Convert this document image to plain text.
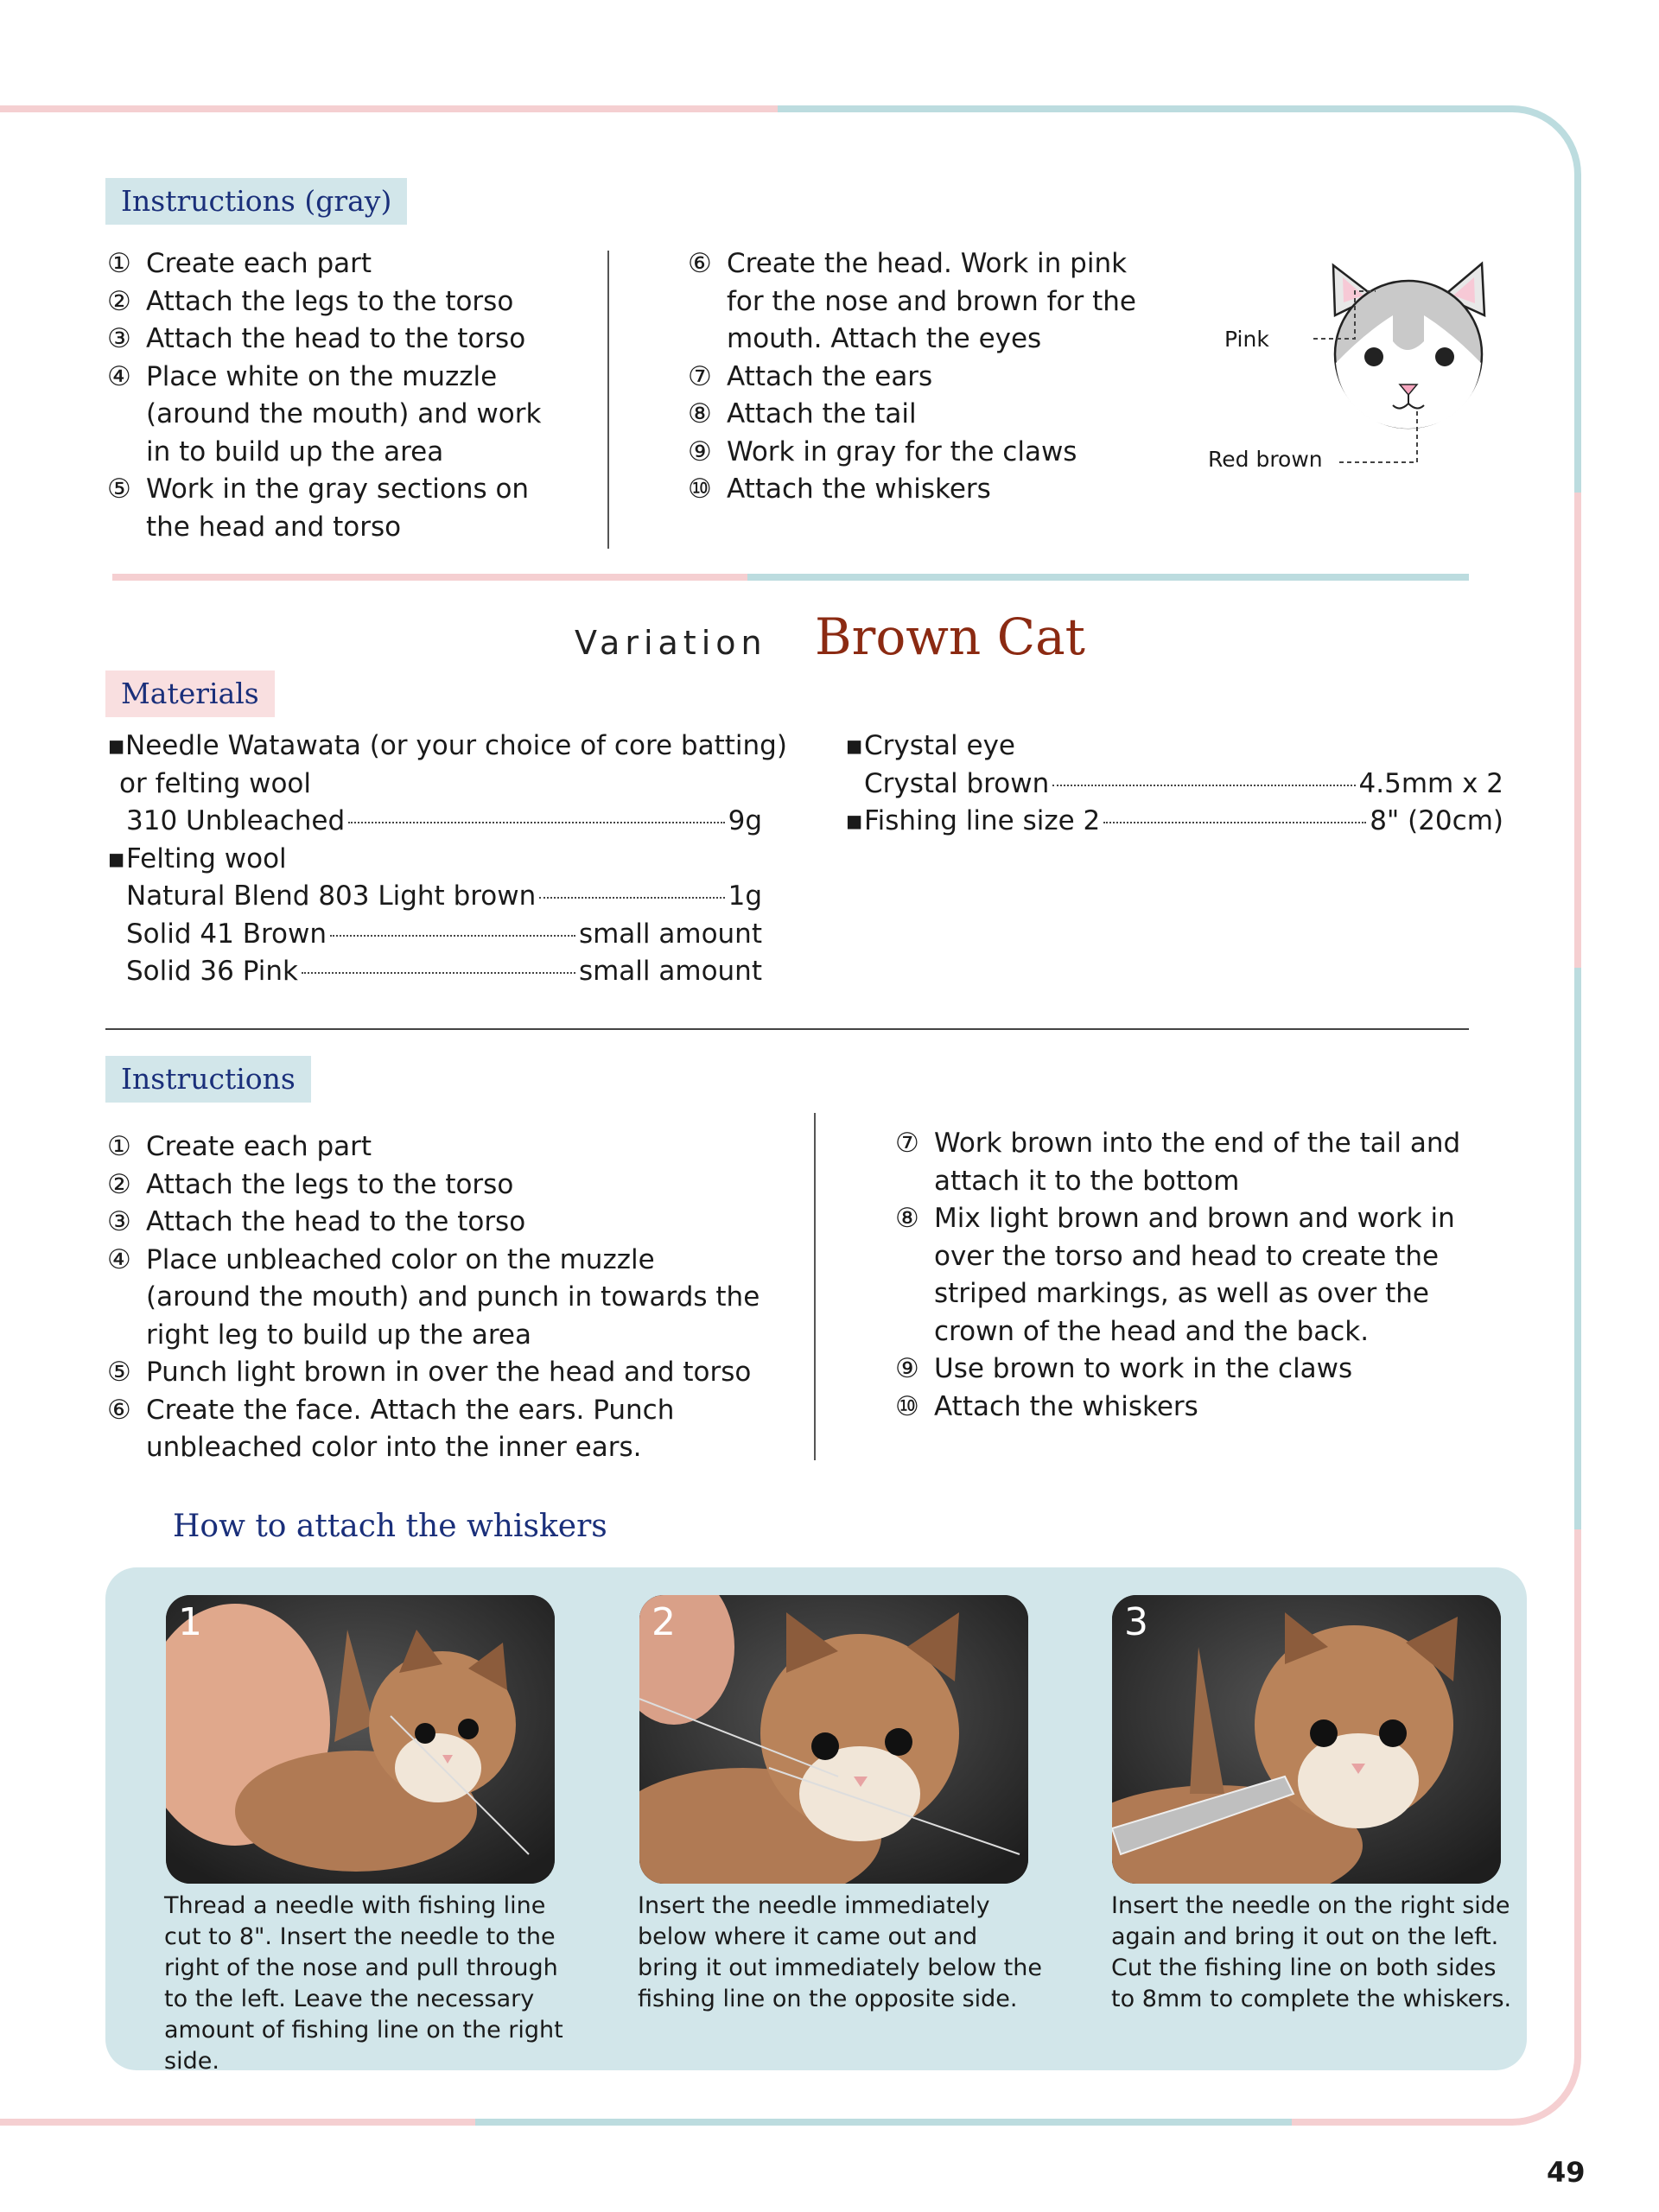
Instructions (gray)
① Create each part
② Attach the legs to the torso
③ Attach the head to the torso
④ Place white on the muzzle (around the mouth) and work in to build up the area
⑤ Work in the gray sections on the head and torso
⑥ Create the head. Work in pink for the nose and brown for the mouth. Attach the eyes
⑦ Attach the ears
⑧ Attach the tail
⑨ Work in gray for the claws
⑩ Attach the whiskers
Pink
Red brown
Variation Brown Cat
Materials
▪ Needle Watawata (or your choice of core batting)
or felting wool
310 Unbleached	9g
▪ Felting wool
Natural Blend 803 Light brown	1g
Solid 41 Brown	small amount
Solid 36 Pink	small amount
▪ Crystal eye
Crystal brown	4.5mm x 2
▪ Fishing line size 2	8" (20cm)
Instructions
① Create each part
② Attach the legs to the torso
③ Attach the head to the torso
④ Place unbleached color on the muzzle (around the mouth) and punch in towards the right leg to build up the area
⑤ Punch light brown in over the head and torso
⑥ Create the face. Attach the ears. Punch unbleached color into the inner ears.
⑦ Work brown into the end of the tail and attach it to the bottom
⑧ Mix light brown and brown and work in over the torso and head to create the striped markings, as well as over the crown of the head and the back.
⑨ Use brown to work in the claws
⑩ Attach the whiskers
How to attach the whiskers
1	2	3
Thread a needle with fishing line cut to 8". Insert the needle to the right of the nose and pull through to the left. Leave the necessary amount of fishing line on the right side.
Insert the needle immediately below where it came out and bring it out immediately below the fishing line on the opposite side.
Insert the needle on the right side again and bring it out on the left. Cut the fishing line on both sides to 8mm to complete the whiskers.
49
